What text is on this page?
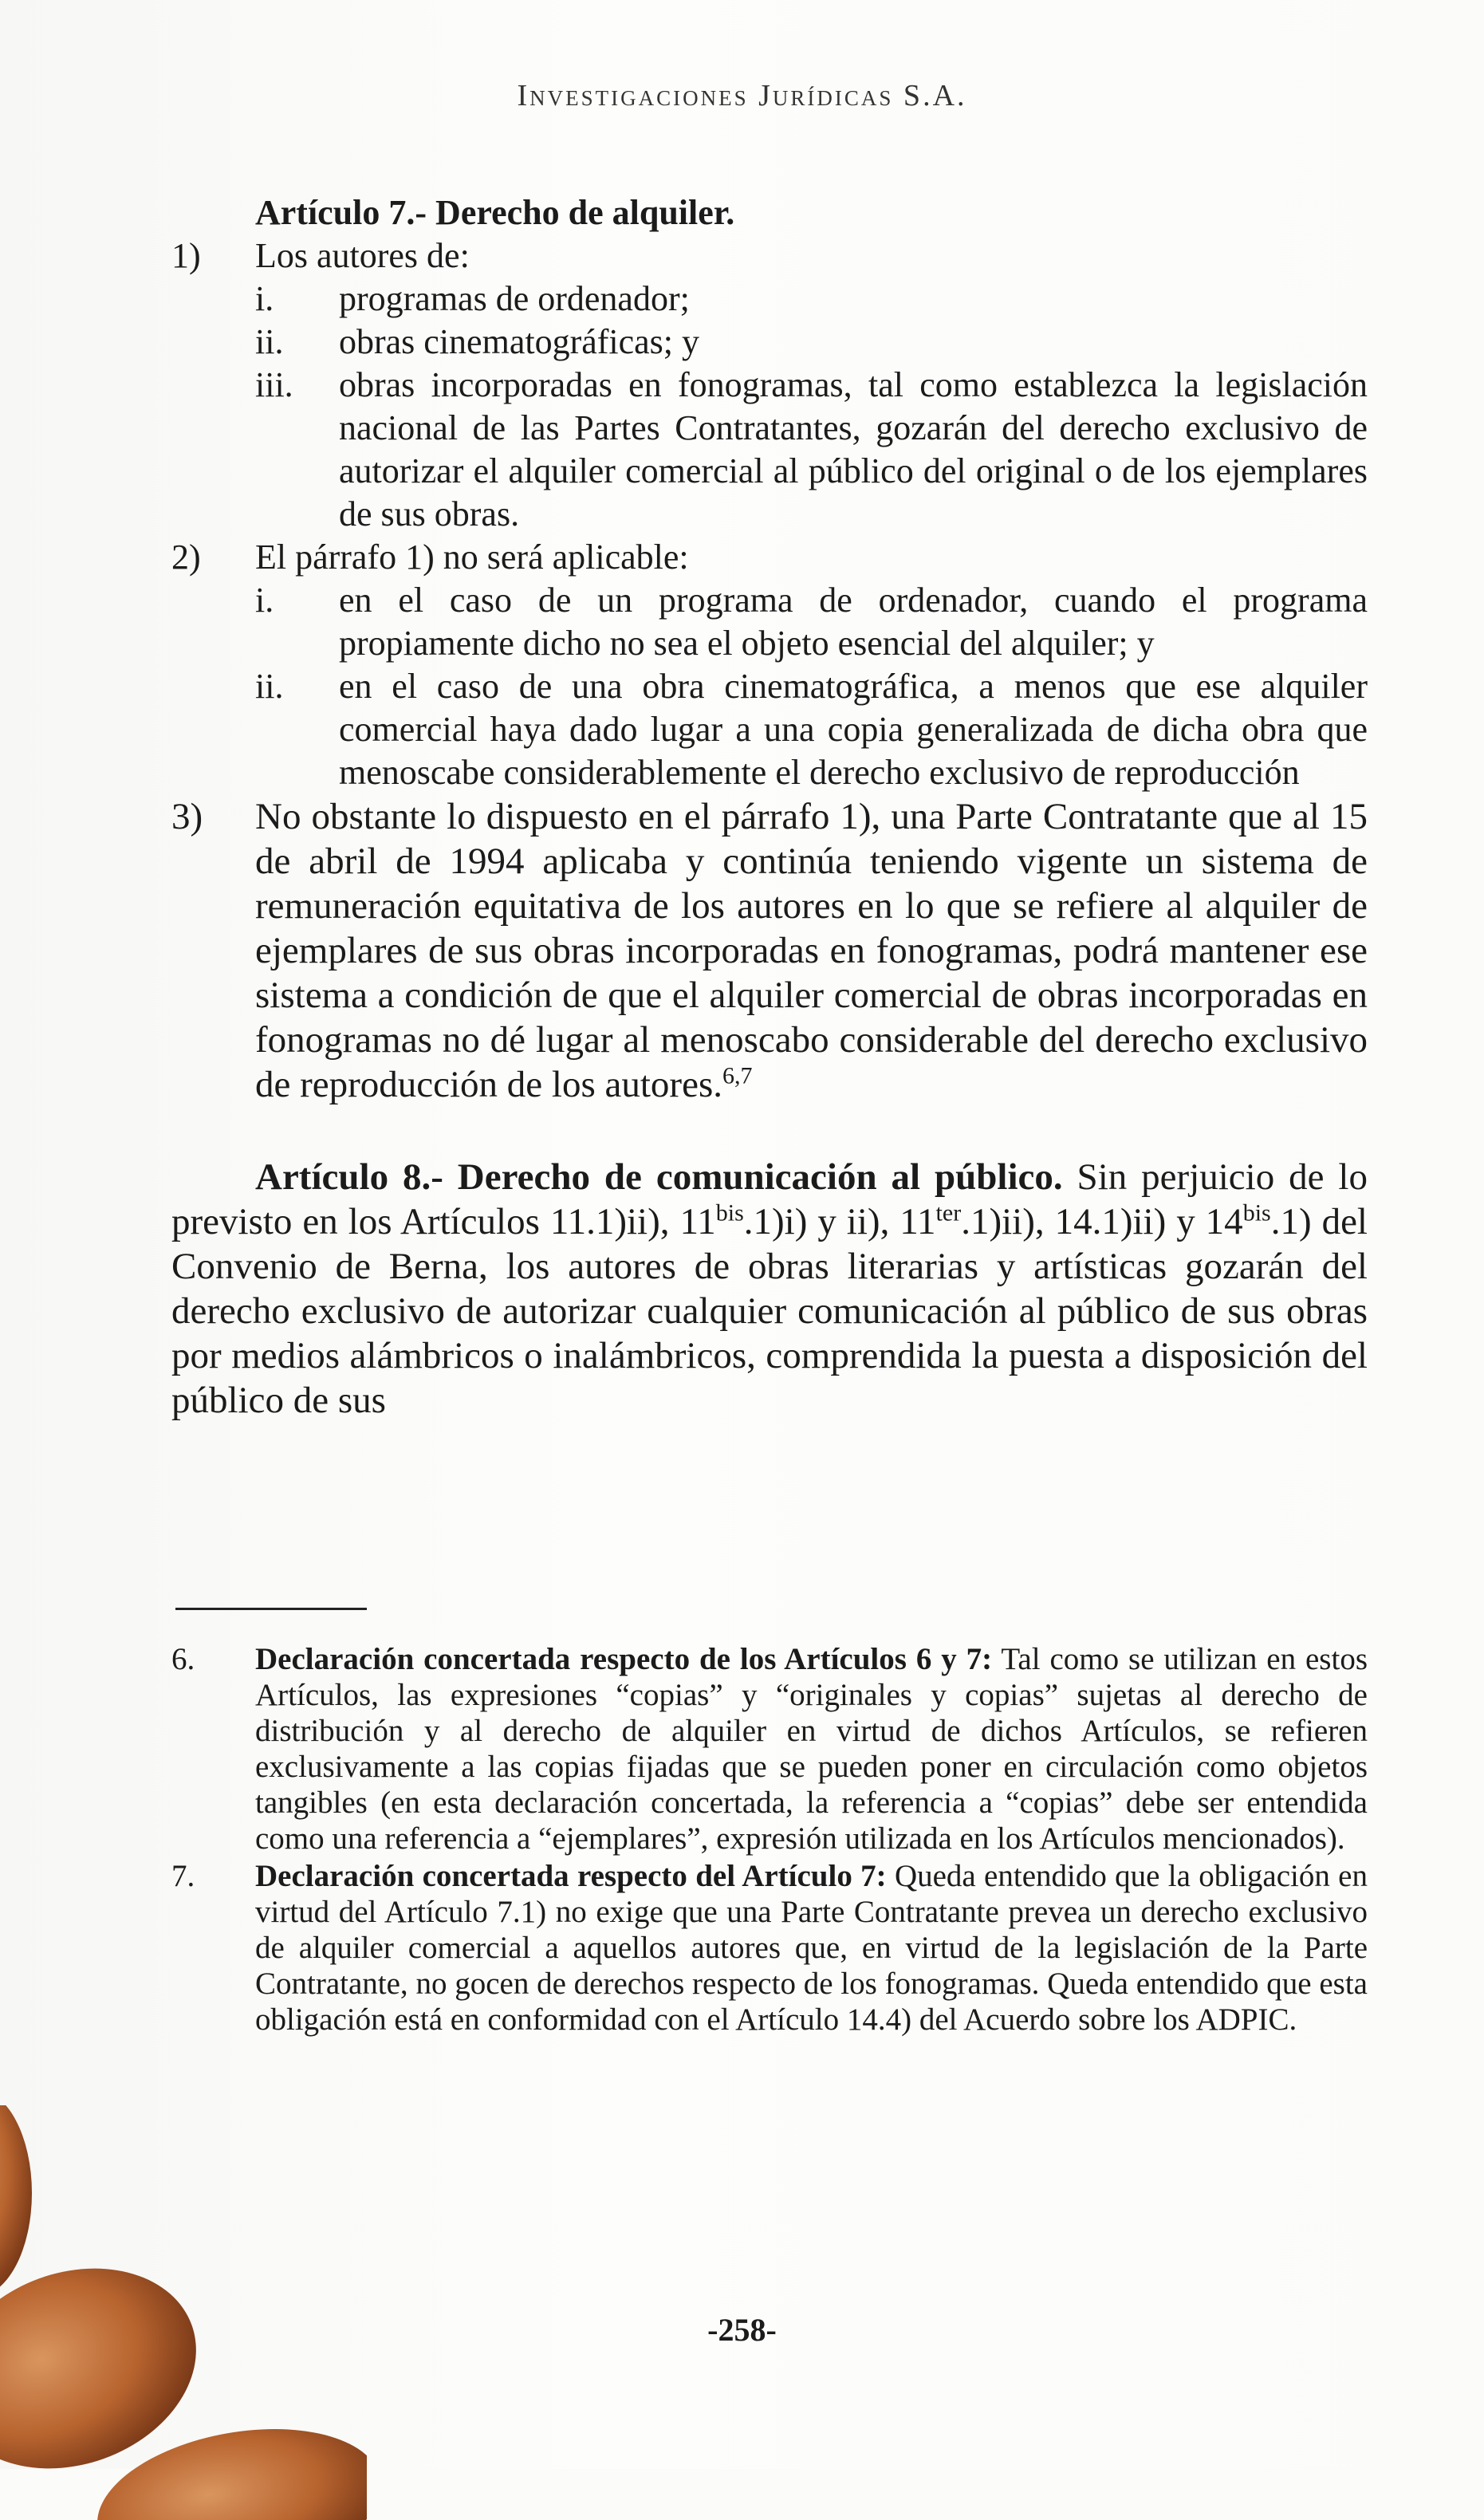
Investigaciones Jurídicas S.A.
Artículo 7.- Derecho de alquiler.
1)	Los autores de:
i.	programas de ordenador;
ii.	obras cinematográficas; y
iii.	obras incorporadas en fonogramas, tal como establezca la legislación nacional de las Partes Contratantes, gozarán del derecho exclusivo de autorizar el alquiler comercial al público del original o de los ejemplares de sus obras.
2)	El párrafo 1) no será aplicable:
i.	en el caso de un programa de ordenador, cuando el programa propiamente dicho no sea el objeto esencial del alquiler; y
ii.	en el caso de una obra cinematográfica, a menos que ese alquiler comercial haya dado lugar a una copia generalizada de dicha obra que menoscabe considerablemente el derecho exclusivo de reproducción
3)	No obstante lo dispuesto en el párrafo 1), una Parte Contratante que al 15 de abril de 1994 aplicaba y continúa teniendo vigente un sistema de remuneración equitativa de los autores en lo que se refiere al alquiler de ejemplares de sus obras incorporadas en fonogramas, podrá mantener ese sistema a condición de que el alquiler comercial de obras incorporadas en fonogramas no dé lugar al menoscabo considerable del derecho exclusivo de reproducción de los autores.$^{6,7}$
Artículo 8.- Derecho de comunicación al público. Sin perjuicio de lo previsto en los Artículos 11.1)ii), $11^{bis}.1)i$) y ii), $11^{ter}.1)ii$), 14.1)ii) y $14^{bis}.1$) del Convenio de Berna, los autores de obras literarias y artísticas gozarán del derecho exclusivo de autorizar cualquier comunicación al público de sus obras por medios alámbricos o inalámbricos, comprendida la puesta a disposición del público de sus
6.	Declaración concertada respecto de los Artículos 6 y 7: Tal como se utilizan en estos Artículos, las expresiones “copias” y “originales y copias” sujetas al derecho de distribución y al derecho de alquiler en virtud de dichos Artículos, se refieren exclusivamente a las copias fijadas que se pueden poner en circulación como objetos tangibles (en esta declaración concertada, la referencia a “copias” debe ser entendida como una referencia a “ejemplares”, expresión utilizada en los Artículos mencionados).
7.	Declaración concertada respecto del Artículo 7: Queda entendido que la obligación en virtud del Artículo 7.1) no exige que una Parte Contratante prevea un derecho exclusivo de alquiler comercial a aquellos autores que, en virtud de la legislación de la Parte Contratante, no gocen de derechos respecto de los fonogramas. Queda entendido que esta obligación está en conformidad con el Artículo 14.4) del Acuerdo sobre los ADPIC.
-258-
